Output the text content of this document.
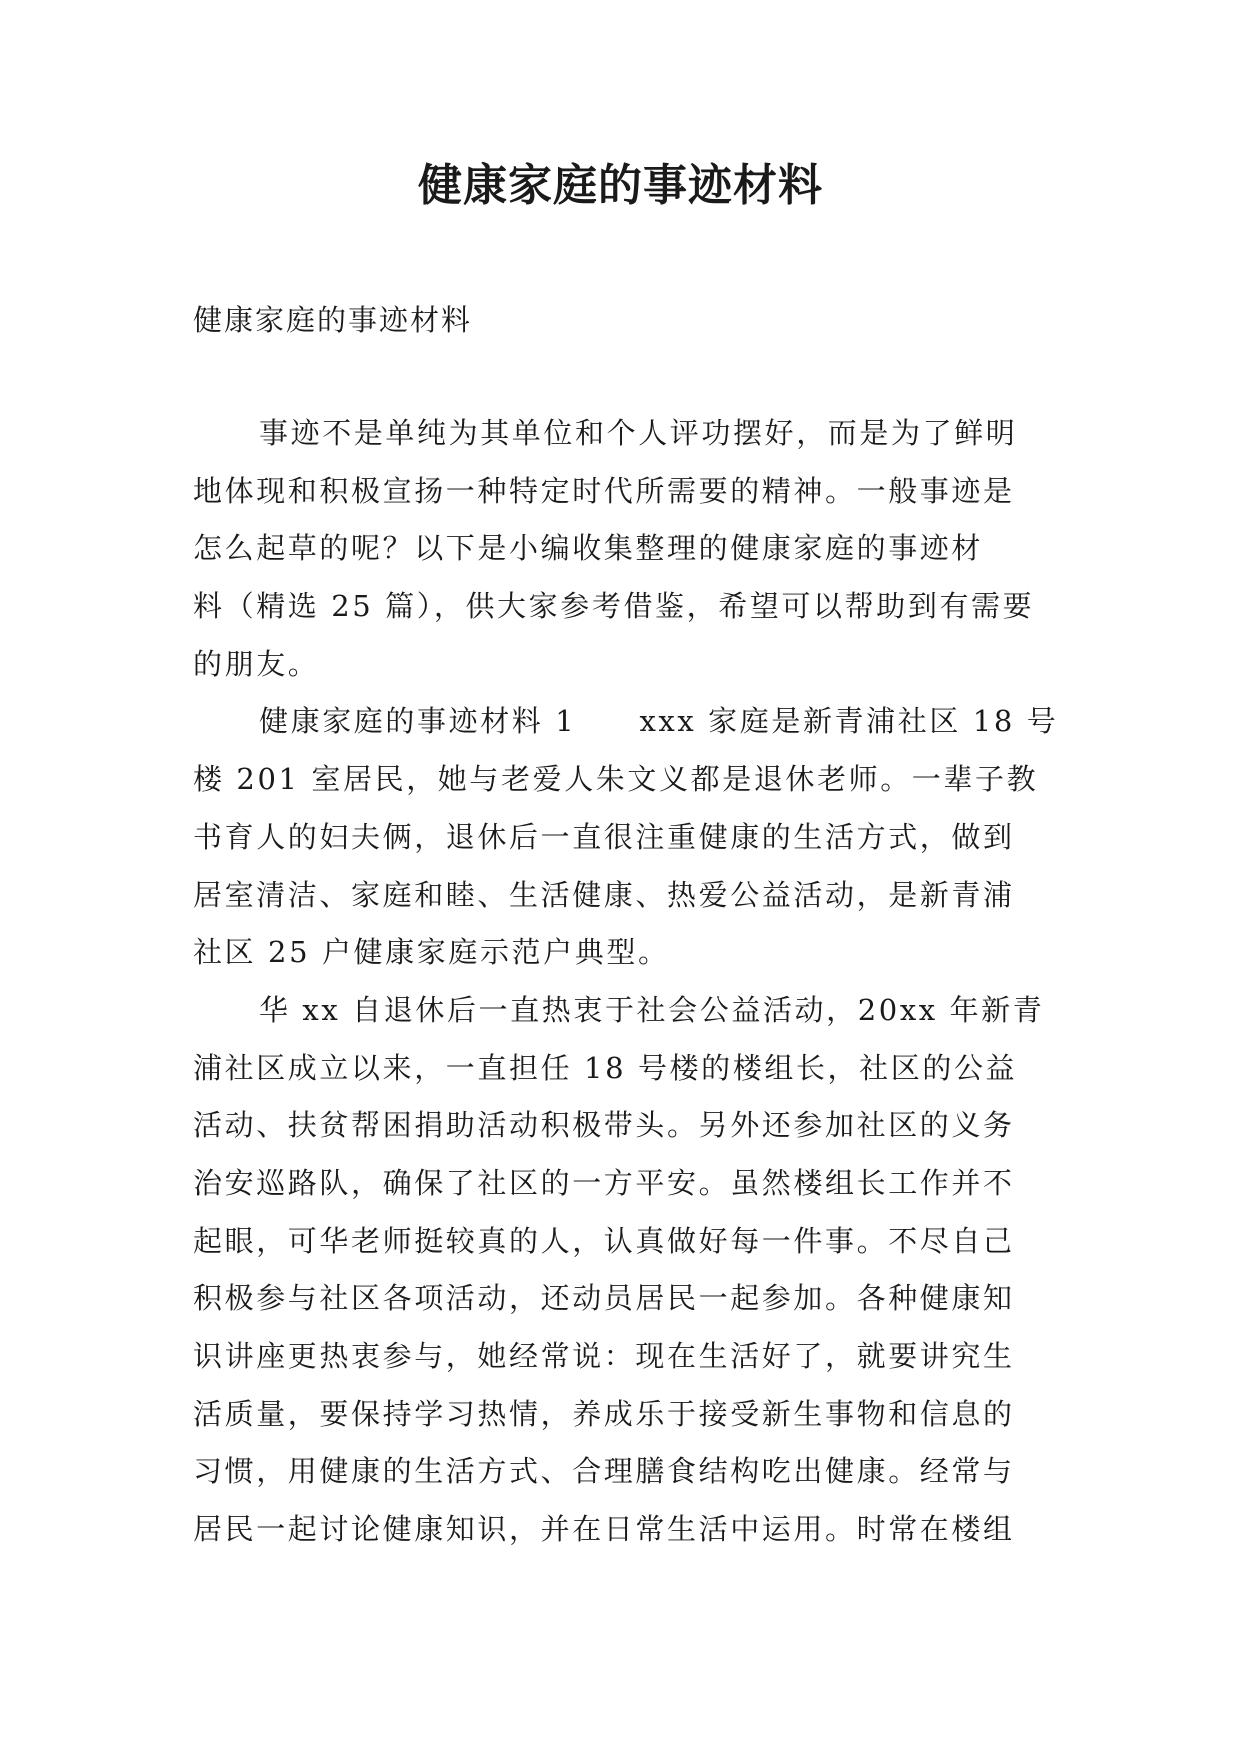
健康家庭的事迹材料
健康家庭的事迹材料
事迹不是单纯为其单位和个人评功摆好，而是为了鲜明
地体现和积极宣扬一种特定时代所需要的精神。一般事迹是
怎么起草的呢？以下是小编收集整理的健康家庭的事迹材
料（精选 25 篇），供大家参考借鉴，希望可以帮助到有需要
的朋友。
健康家庭的事迹材料 1　　xxx 家庭是新青浦社区 18 号
楼 201 室居民，她与老爱人朱文义都是退休老师。一辈子教
书育人的妇夫俩，退休后一直很注重健康的生活方式，做到
居室清洁、家庭和睦、生活健康、热爱公益活动，是新青浦
社区 25 户健康家庭示范户典型。
华 xx 自退休后一直热衷于社会公益活动，20xx 年新青
浦社区成立以来，一直担任 18 号楼的楼组长，社区的公益
活动、扶贫帮困捐助活动积极带头。另外还参加社区的义务
治安巡路队，确保了社区的一方平安。虽然楼组长工作并不
起眼，可华老师挺较真的人，认真做好每一件事。不尽自己
积极参与社区各项活动，还动员居民一起参加。各种健康知
识讲座更热衷参与，她经常说：现在生活好了，就要讲究生
活质量，要保持学习热情，养成乐于接受新生事物和信息的
习惯，用健康的生活方式、合理膳食结构吃出健康。经常与
居民一起讨论健康知识，并在日常生活中运用。时常在楼组
